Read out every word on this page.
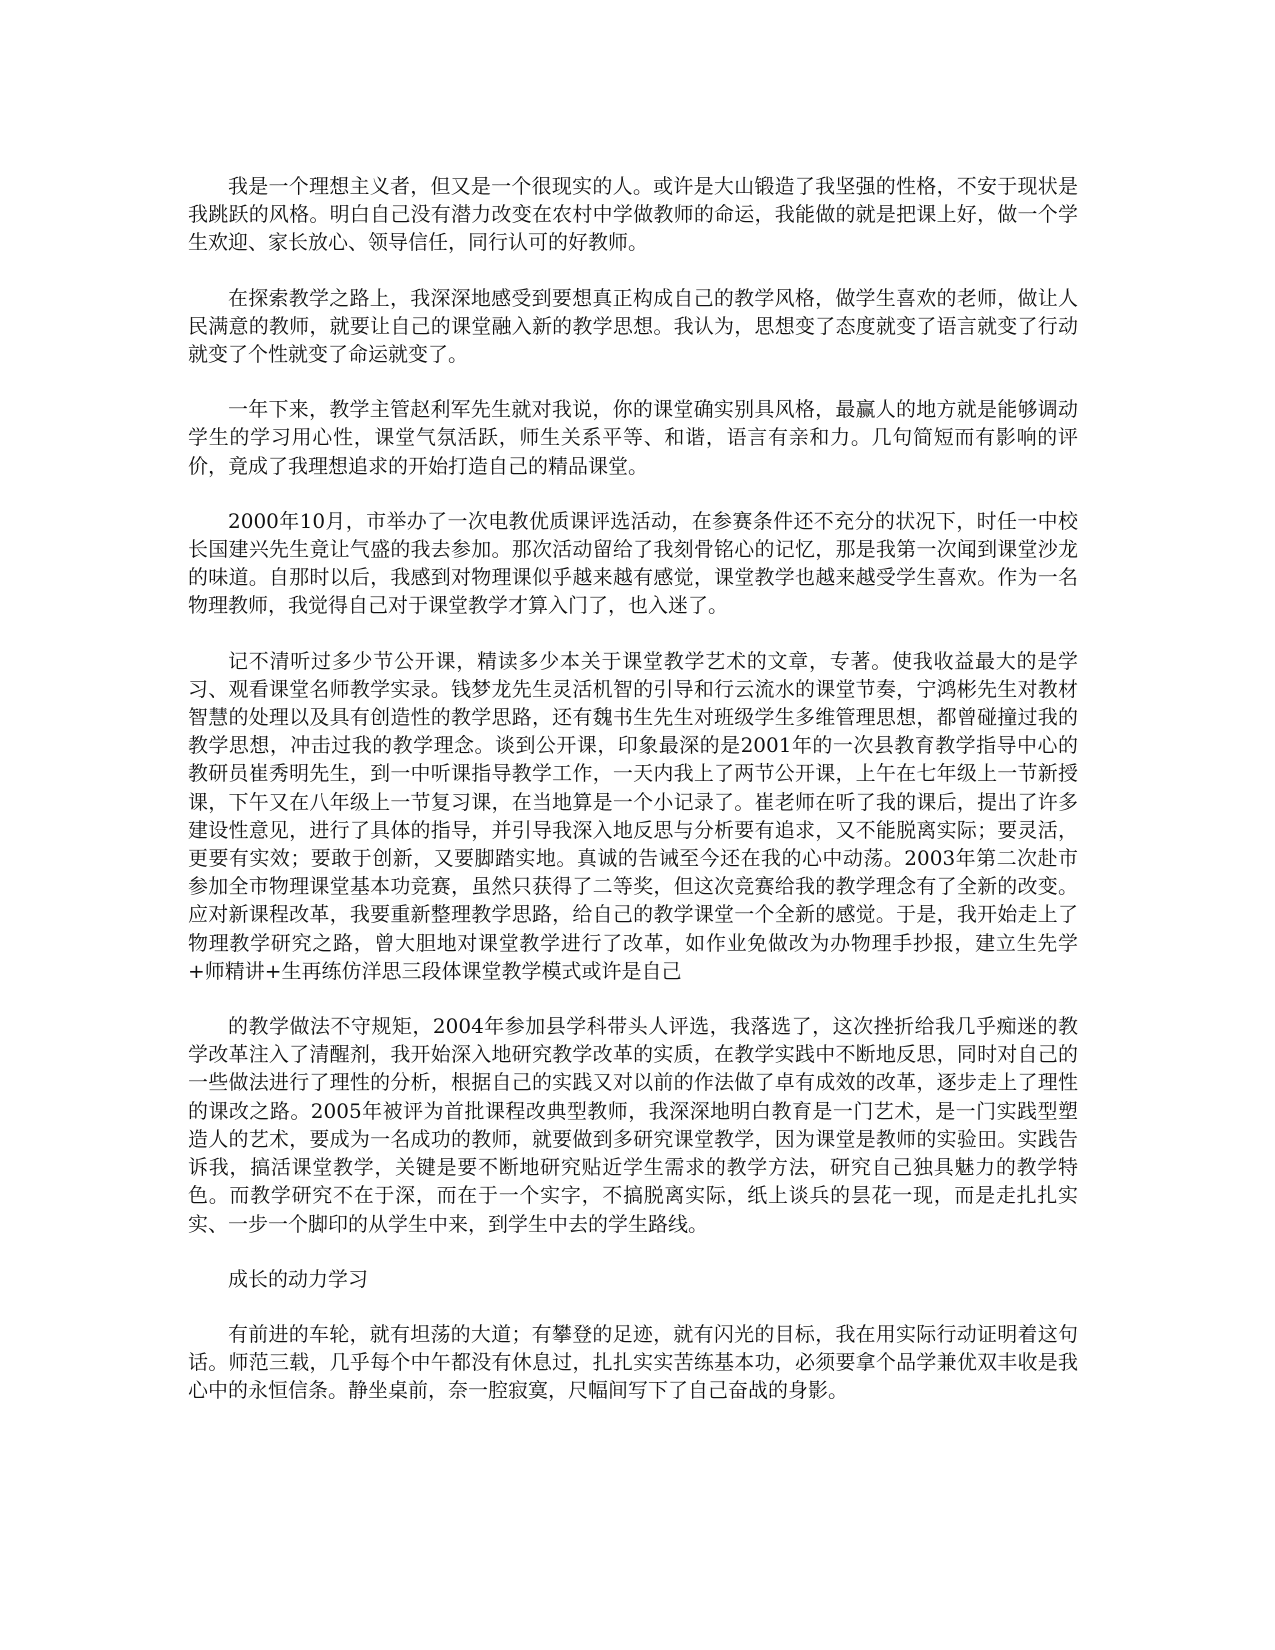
我是一个理想主义者，但又是一个很现实的人。或许是大山锻造了我坚强的性格，不安于现状是我跳跃的风格。明白自己没有潜力改变在农村中学做教师的命运，我能做的就是把课上好，做一个学生欢迎、家长放心、领导信任，同行认可的好教师。

在探索教学之路上，我深深地感受到要想真正构成自己的教学风格，做学生喜欢的老师，做让人民满意的教师，就要让自己的课堂融入新的教学思想。我认为，思想变了态度就变了语言就变了行动就变了个性就变了命运就变了。

一年下来，教学主管赵利军先生就对我说，你的课堂确实别具风格，最赢人的地方就是能够调动学生的学习用心性，课堂气氛活跃，师生关系平等、和谐，语言有亲和力。几句简短而有影响的评价，竟成了我理想追求的开始打造自己的精品课堂。

2000年10月，市举办了一次电教优质课评选活动，在参赛条件还不充分的状况下，时任一中校长国建兴先生竟让气盛的我去参加。那次活动留给了我刻骨铭心的记忆，那是我第一次闻到课堂沙龙的味道。自那时以后，我感到对物理课似乎越来越有感觉，课堂教学也越来越受学生喜欢。作为一名物理教师，我觉得自己对于课堂教学才算入门了，也入迷了。

记不清听过多少节公开课，精读多少本关于课堂教学艺术的文章，专著。使我收益最大的是学习、观看课堂名师教学实录。钱梦龙先生灵活机智的引导和行云流水的课堂节奏，宁鸿彬先生对教材智慧的处理以及具有创造性的教学思路，还有魏书生先生对班级学生多维管理思想，都曾碰撞过我的教学思想，冲击过我的教学理念。谈到公开课，印象最深的是2001年的一次县教育教学指导中心的教研员崔秀明先生，到一中听课指导教学工作，一天内我上了两节公开课，上午在七年级上一节新授课，下午又在八年级上一节复习课，在当地算是一个小记录了。崔老师在听了我的课后，提出了许多建设性意见，进行了具体的指导，并引导我深入地反思与分析要有追求，又不能脱离实际；要灵活，更要有实效；要敢于创新，又要脚踏实地。真诚的告诫至今还在我的心中动荡。2003年第二次赴市参加全市物理课堂基本功竞赛，虽然只获得了二等奖，但这次竞赛给我的教学理念有了全新的改变。应对新课程改革，我要重新整理教学思路，给自己的教学课堂一个全新的感觉。于是，我开始走上了物理教学研究之路，曾大胆地对课堂教学进行了改革，如作业免做改为办物理手抄报，建立生先学+师精讲+生再练仿洋思三段体课堂教学模式或许是自己

的教学做法不守规矩，2004年参加县学科带头人评选，我落选了，这次挫折给我几乎痴迷的教学改革注入了清醒剂，我开始深入地研究教学改革的实质，在教学实践中不断地反思，同时对自己的一些做法进行了理性的分析，根据自己的实践又对以前的作法做了卓有成效的改革，逐步走上了理性的课改之路。2005年被评为首批课程改典型教师，我深深地明白教育是一门艺术，是一门实践型塑造人的艺术，要成为一名成功的教师，就要做到多研究课堂教学，因为课堂是教师的实验田。实践告诉我，搞活课堂教学，关键是要不断地研究贴近学生需求的教学方法，研究自己独具魅力的教学特色。而教学研究不在于深，而在于一个实字，不搞脱离实际，纸上谈兵的昙花一现，而是走扎扎实实、一步一个脚印的从学生中来，到学生中去的学生路线。

成长的动力学习

有前进的车轮，就有坦荡的大道；有攀登的足迹，就有闪光的目标，我在用实际行动证明着这句话。师范三载，几乎每个中午都没有休息过，扎扎实实苦练基本功，必须要拿个品学兼优双丰收是我心中的永恒信条。静坐桌前，奈一腔寂寞，尺幅间写下了自己奋战的身影。
